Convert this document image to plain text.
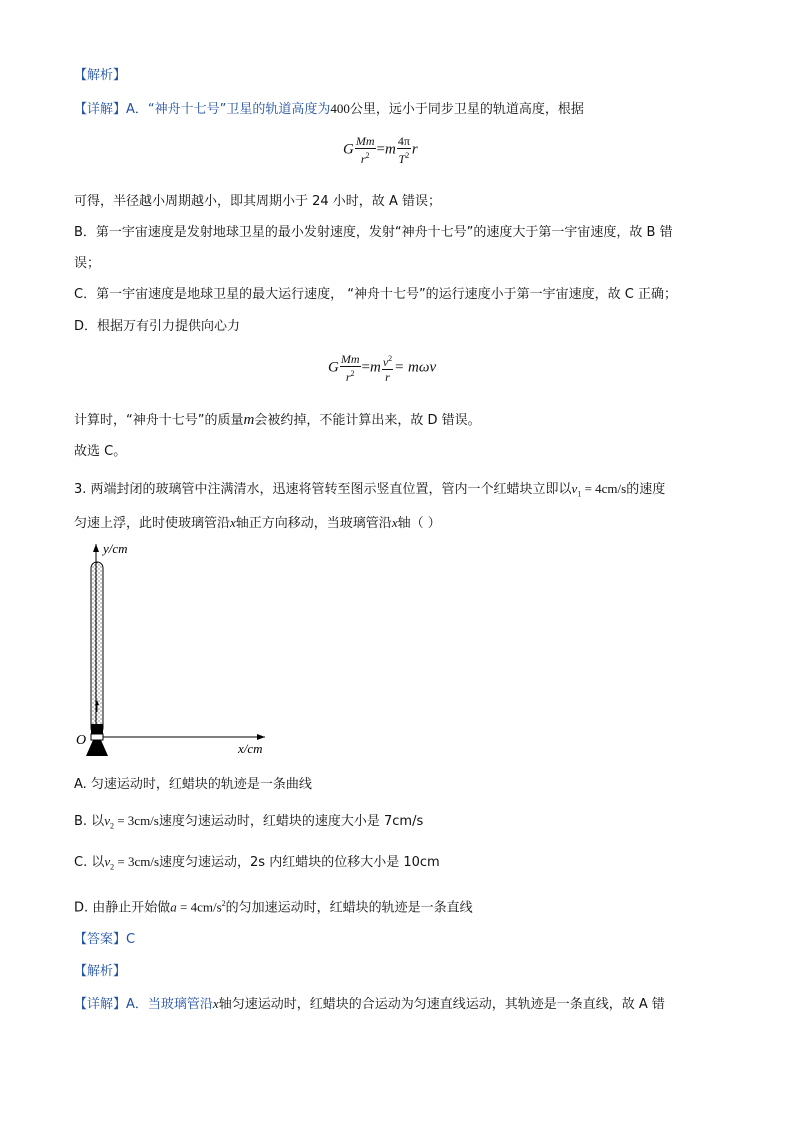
【解析】
【详解】A．“神舟十七号”卫星的轨道高度为400公里，远小于同步卫星的轨道高度，根据
G $\frac{Mm}{r^2} =m \frac{4\pi}{T^2}$ r
可得，半径越小周期越小，即其周期小于 24 小时，故 A 错误；
B．第一宇宙速度是发射地球卫星的最小发射速度，发射“神舟十七号”的速度大于第一宇宙速度，故 B 错
误；
C．第一宇宙速度是地球卫星的最大运行速度， “神舟十七号”的运行速度小于第一宇宙速度，故 C 正确；
D．根据万有引力提供向心力
G $\frac{Mm}{r^2} =m \frac{v^2}{r} = m\omega v$
计算时，“神舟十七号”的质量m会被约掉，不能计算出来，故 D 错误。
故选 C。
3. 两端封闭的玻璃管中注满清水，迅速将管转至图示竖直位置，管内一个红蜡块立即以$v_1 = 4cm/s$的速度
匀速上浮，此时使玻璃管沿x轴正方向移动，当玻璃管沿x轴（ ）
y/cm
O
x/cm
A. 匀速运动时，红蜡块的轨迹是一条曲线
B. 以$v_2 = 3cm/s$速度匀速运动时，红蜡块的速度大小是 7cm/s
C. 以$v_2 = 3cm/s$速度匀速运动，2s 内红蜡块的位移大小是 10cm
D. 由静止开始做$a = 4cm/s^2$的匀加速运动时，红蜡块的轨迹是一条直线
【答案】C
【解析】
【详解】A．当玻璃管沿x轴匀速运动时，红蜡块的合运动为匀速直线运动，其轨迹是一条直线，故 A 错
